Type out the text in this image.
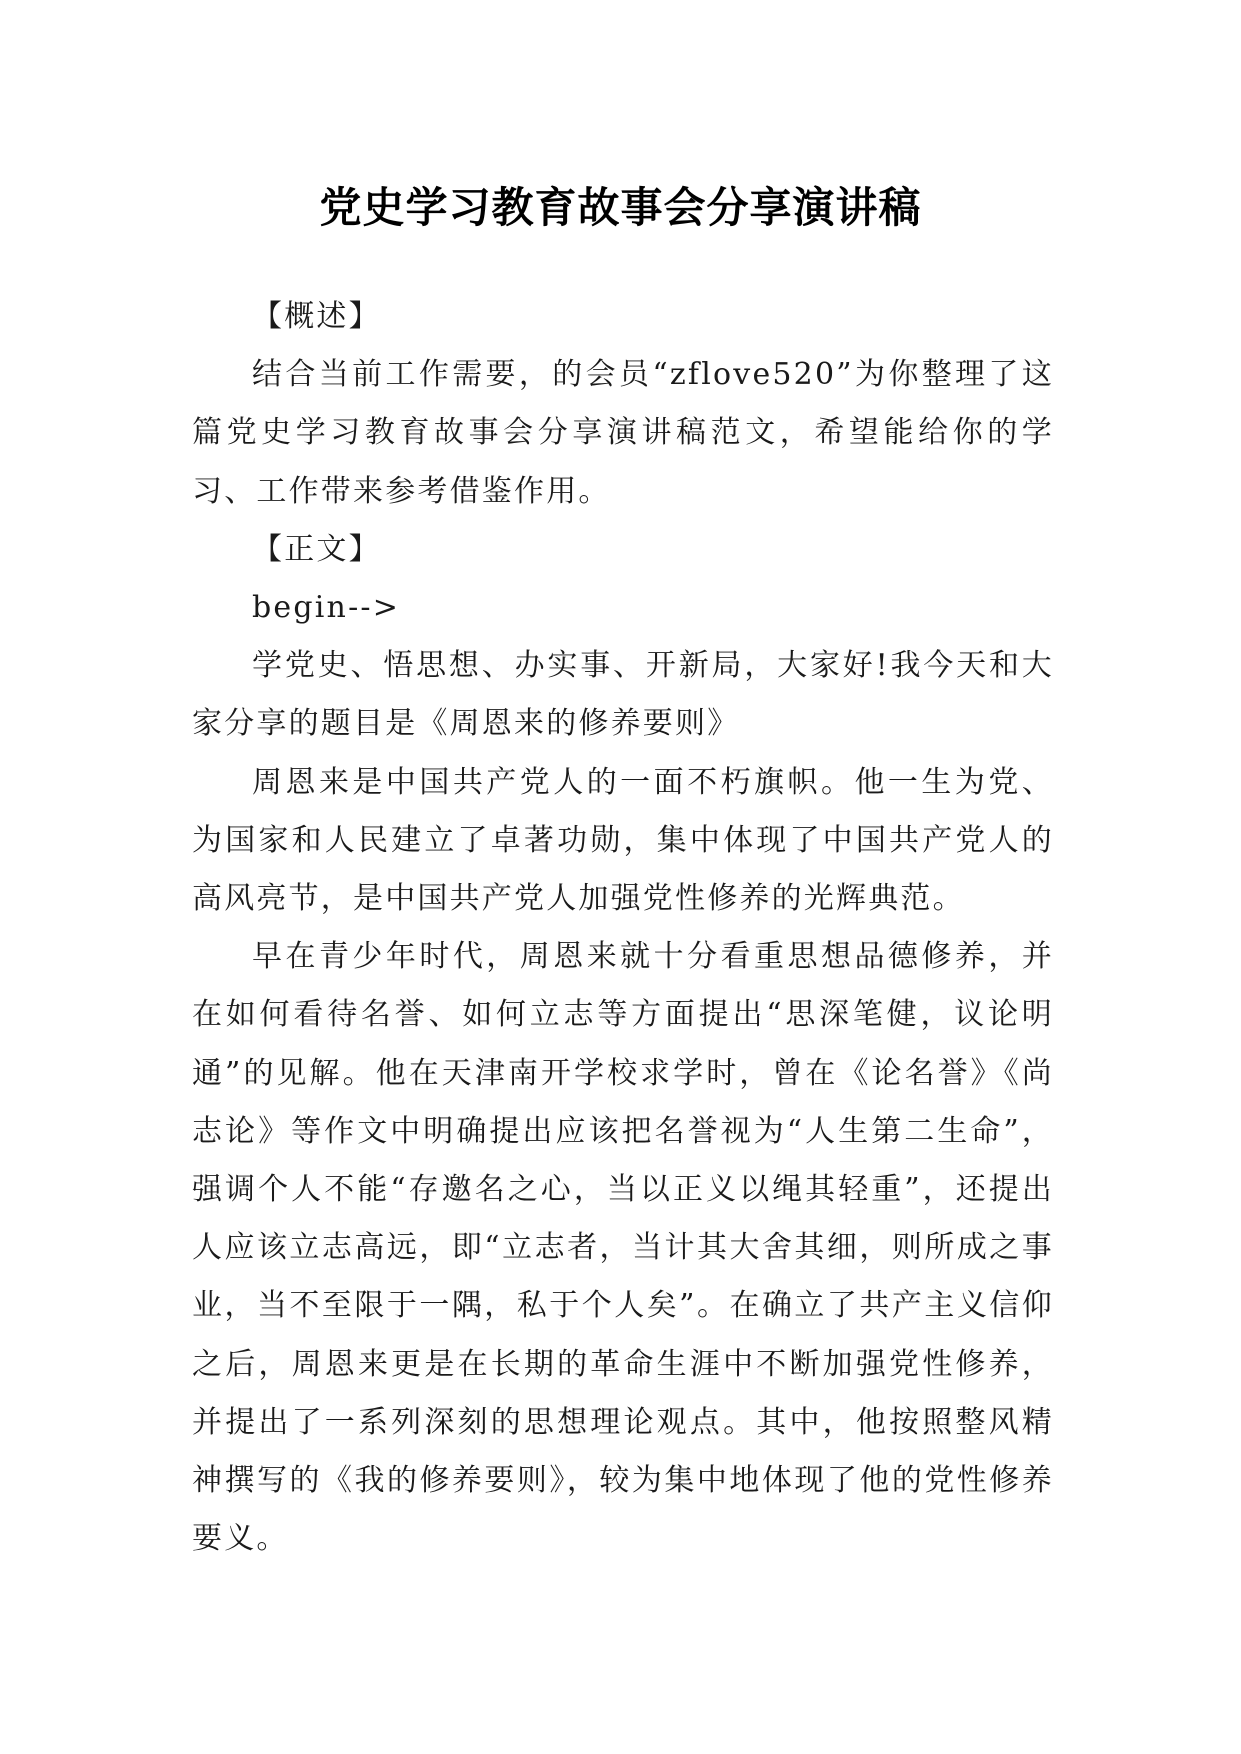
党史学习教育故事会分享演讲稿

【概述】

结合当前工作需要，的会员“zflove520”为你整理了这篇党史学习教育故事会分享演讲稿范文，希望能给你的学习、工作带来参考借鉴作用。

【正文】

begin-->

学党史、悟思想、办实事、开新局，大家好!我今天和大家分享的题目是《周恩来的修养要则》

周恩来是中国共产党人的一面不朽旗帜。他一生为党、为国家和人民建立了卓著功勋，集中体现了中国共产党人的高风亮节，是中国共产党人加强党性修养的光辉典范。

早在青少年时代，周恩来就十分看重思想品德修养，并在如何看待名誉、如何立志等方面提出“思深笔健，议论明通”的见解。他在天津南开学校求学时，曾在《论名誉》《尚志论》等作文中明确提出应该把名誉视为“人生第二生命”，强调个人不能“存邀名之心，当以正义以绳其轻重”，还提出人应该立志高远，即“立志者，当计其大舍其细，则所成之事业，当不至限于一隅，私于个人矣”。在确立了共产主义信仰之后，周恩来更是在长期的革命生涯中不断加强党性修养，并提出了一系列深刻的思想理论观点。其中，他按照整风精神撰写的《我的修养要则》，较为集中地体现了他的党性修养要义。
